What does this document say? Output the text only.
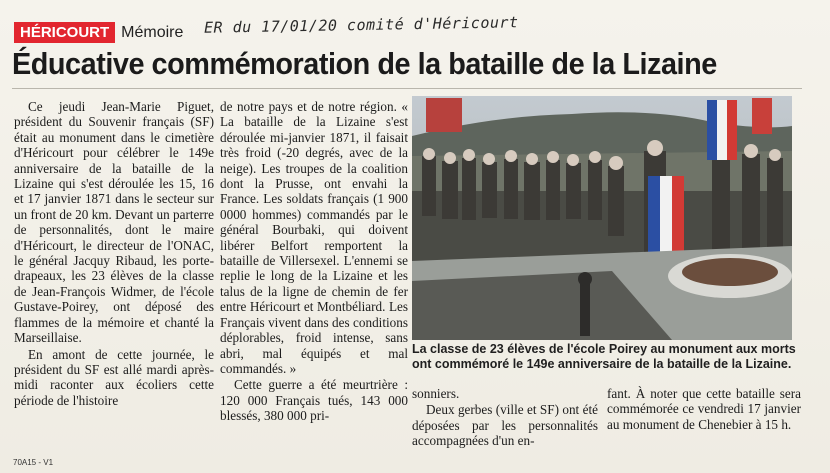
HÉRICOURT Mémoire ER du 17/01/20 comité d'Héricourt
Éducative commémoration de la bataille de la Lizaine

Ce jeudi Jean-Marie Piguet, président du Souvenir français (SF) était au monument dans le cimetière d'Héricourt pour célébrer le 149e anniversaire de la bataille de la Lizaine qui s'est déroulée les 15, 16 et 17 janvier 1871 dans le secteur sur un front de 20 km. Devant un parterre de personnalités, dont le maire d'Héricourt, le directeur de l'ONAC, le général Jacquy Ribaud, les porte-drapeaux, les 23 élèves de la classe de Jean-François Widmer, de l'école Gustave-Poirey, ont déposé des flammes de la mémoire et chanté la Marseillaise.

En amont de cette journée, le président du SF est allé mardi après-midi raconter aux écoliers cette période de l'histoire

de notre pays et de notre région. « La bataille de la Lizaine s'est déroulée mi-janvier 1871, il faisait très froid (-20 degrés, avec de la neige). Les troupes de la coalition dont la Prusse, ont envahi la France. Les soldats français (1 900 0000 hommes) commandés par le général Bourbaki, qui doivent libérer Belfort remportent la bataille de Villersexel. L'ennemi se replie le long de la Lizaine et les talus de la ligne de chemin de fer entre Héricourt et Montbéliard. Les Français vivent dans des conditions déplorables, froid intense, sans abri, mal équipés et mal commandés. »

Cette guerre a été meurtrière : 120 000 Français tués, 143 000 blessés, 380 000 pri-

La classe de 23 élèves de l'école Poirey au monument aux morts ont commémoré le 149e anniversaire de la bataille de la Lizaine.

sonniers.

Deux gerbes (ville et SF) ont été déposées par les personnalités accompagnées d'un en-

fant. À noter que cette bataille sera commémorée ce vendredi 17 janvier au monument de Chenebier à 15 h.

70A15 - V1
